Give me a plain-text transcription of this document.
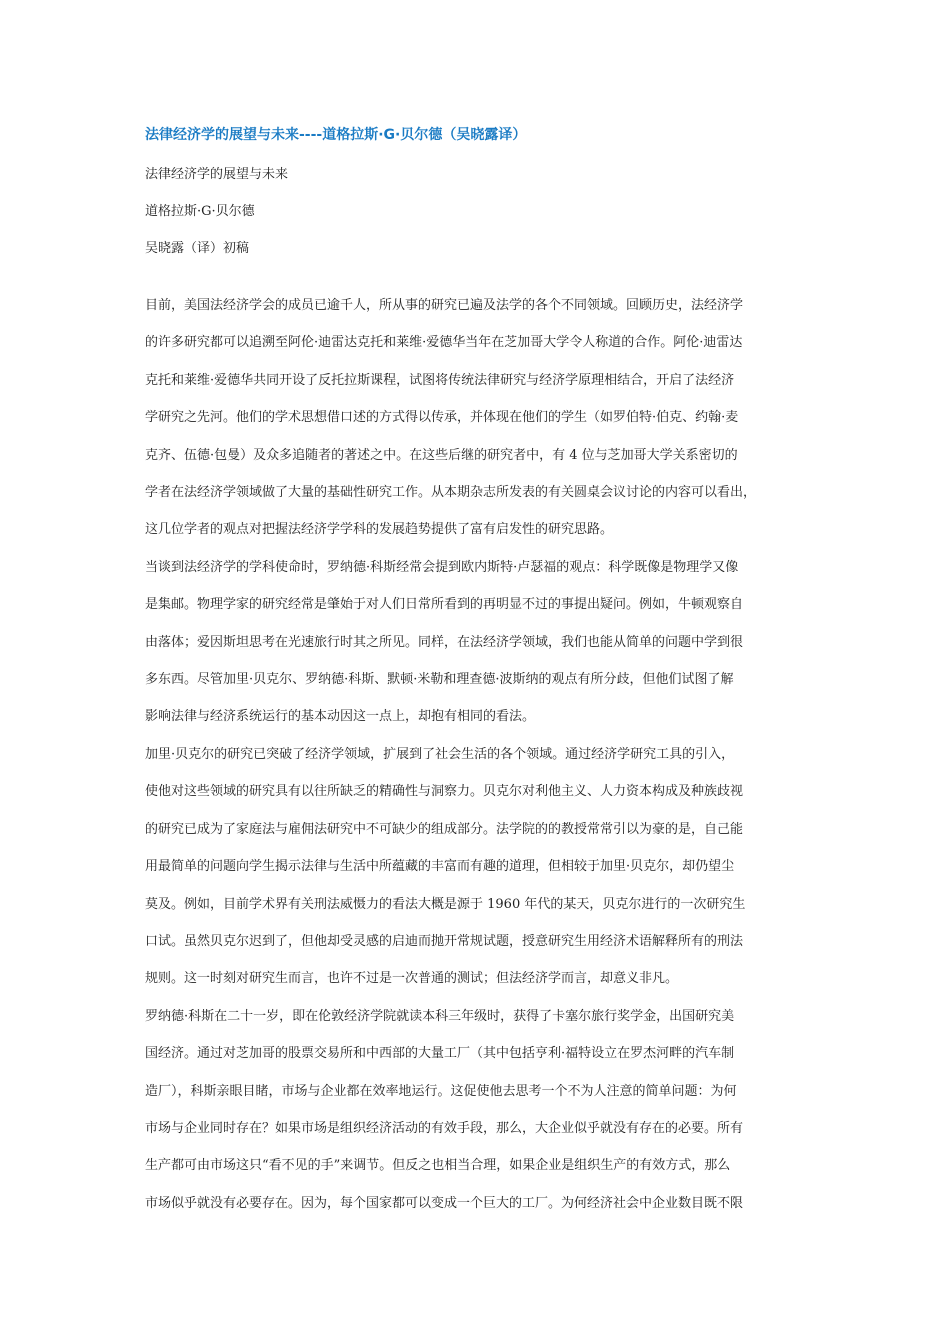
法律经济学的展望与未来----道格拉斯·G·贝尔德（吴晓露译）
法律经济学的展望与未来
道格拉斯·G·贝尔德
吴晓露（译）初稿
目前，美国法经济学会的成员已逾千人，所从事的研究已遍及法学的各个不同领域。回顾历史，法经济学
的许多研究都可以追溯至阿伦·迪雷达克托和莱维·爱德华当年在芝加哥大学令人称道的合作。阿伦·迪雷达
克托和莱维·爱德华共同开设了反托拉斯课程，试图将传统法律研究与经济学原理相结合，开启了法经济
学研究之先河。他们的学术思想借口述的方式得以传承，并体现在他们的学生（如罗伯特·伯克、约翰·麦
克齐、伍德·包曼）及众多追随者的著述之中。在这些后继的研究者中，有 4 位与芝加哥大学关系密切的
学者在法经济学领域做了大量的基础性研究工作。从本期杂志所发表的有关圆桌会议讨论的内容可以看出，
这几位学者的观点对把握法经济学学科的发展趋势提供了富有启发性的研究思路。
当谈到法经济学的学科使命时，罗纳德·科斯经常会提到欧内斯特·卢瑟福的观点：科学既像是物理学又像
是集邮。物理学家的研究经常是肇始于对人们日常所看到的再明显不过的事提出疑问。例如，牛顿观察自
由落体；爱因斯坦思考在光速旅行时其之所见。同样，在法经济学领域，我们也能从简单的问题中学到很
多东西。尽管加里·贝克尔、罗纳德·科斯、默顿·米勒和理查德·波斯纳的观点有所分歧，但他们试图了解
影响法律与经济系统运行的基本动因这一点上，却抱有相同的看法。
加里·贝克尔的研究已突破了经济学领域，扩展到了社会生活的各个领域。通过经济学研究工具的引入，
使他对这些领域的研究具有以往所缺乏的精确性与洞察力。贝克尔对利他主义、人力资本构成及种族歧视
的研究已成为了家庭法与雇佣法研究中不可缺少的组成部分。法学院的的教授常常引以为豪的是，自己能
用最简单的问题向学生揭示法律与生活中所蕴藏的丰富而有趣的道理，但相较于加里·贝克尔，却仍望尘
莫及。例如，目前学术界有关刑法威慑力的看法大概是源于 1960 年代的某天，贝克尔进行的一次研究生
口试。虽然贝克尔迟到了，但他却受灵感的启迪而抛开常规试题，授意研究生用经济术语解释所有的刑法
规则。这一时刻对研究生而言，也许不过是一次普通的测试；但法经济学而言，却意义非凡。
罗纳德·科斯在二十一岁，即在伦敦经济学院就读本科三年级时，获得了卡塞尔旅行奖学金，出国研究美
国经济。通过对芝加哥的股票交易所和中西部的大量工厂（其中包括亨利·福特设立在罗杰河畔的汽车制
造厂），科斯亲眼目睹，市场与企业都在效率地运行。这促使他去思考一个不为人注意的简单问题：为何
市场与企业同时存在？如果市场是组织经济活动的有效手段，那么，大企业似乎就没有存在的必要。所有
生产都可由市场这只“看不见的手”来调节。但反之也相当合理，如果企业是组织生产的有效方式，那么
市场似乎就没有必要存在。因为，每个国家都可以变成一个巨大的工厂。为何经济社会中企业数目既不限
